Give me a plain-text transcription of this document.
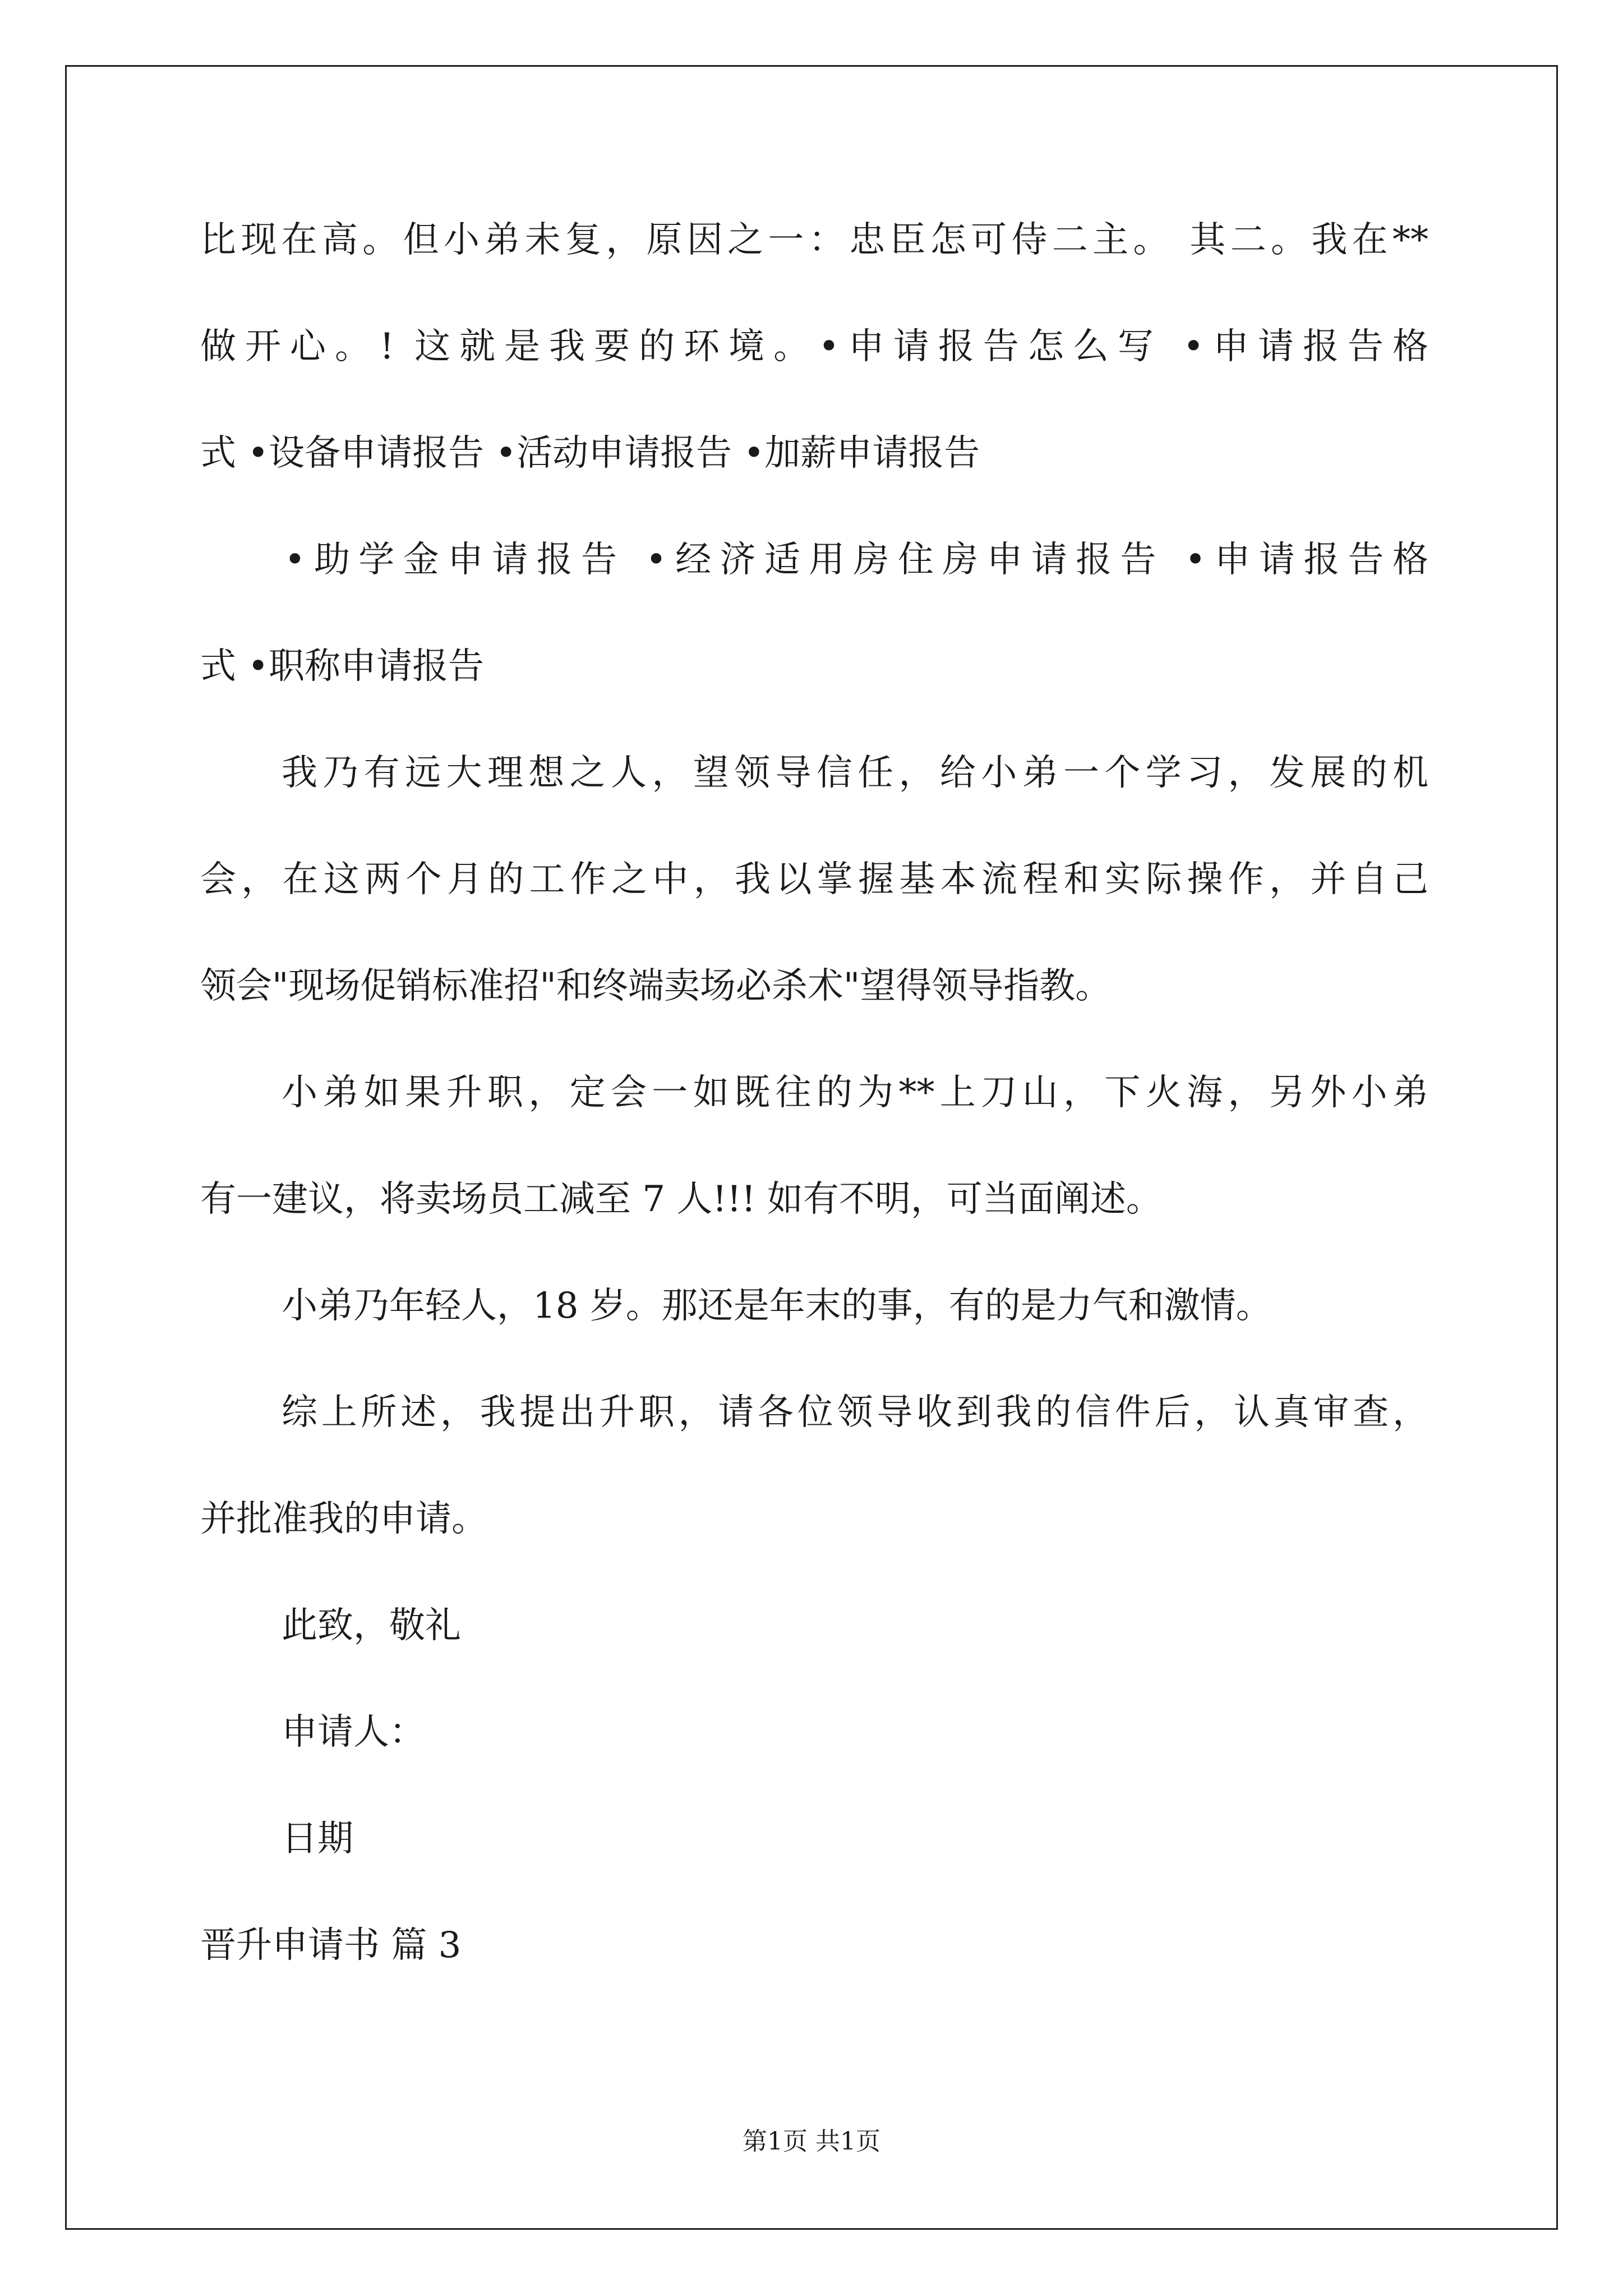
比现在高。但小弟未复，原因之一：忠臣怎可侍二主。 其二。我在**
做开心。! 这就是我要的环境。•申请报告怎么写 •申请报告格
式 •设备申请报告 •活动申请报告 •加薪申请报告
•助学金申请报告 •经济适用房住房申请报告 •申请报告格
式 •职称申请报告
我乃有远大理想之人，望领导信任，给小弟一个学习，发展的机
会，在这两个月的工作之中，我以掌握基本流程和实际操作，并自己
领会"现场促销标准招"和终端卖场必杀术"望得领导指教。
小弟如果升职，定会一如既往的为**上刀山，下火海，另外小弟
有一建议，将卖场员工减至 7 人!!! 如有不明，可当面阐述。
小弟乃年轻人，18 岁。那还是年末的事，有的是力气和激情。
综上所述，我提出升职，请各位领导收到我的信件后，认真审查，
并批准我的申请。
此致，敬礼
申请人：
日期
晋升申请书 篇 3
第1页 共1页
